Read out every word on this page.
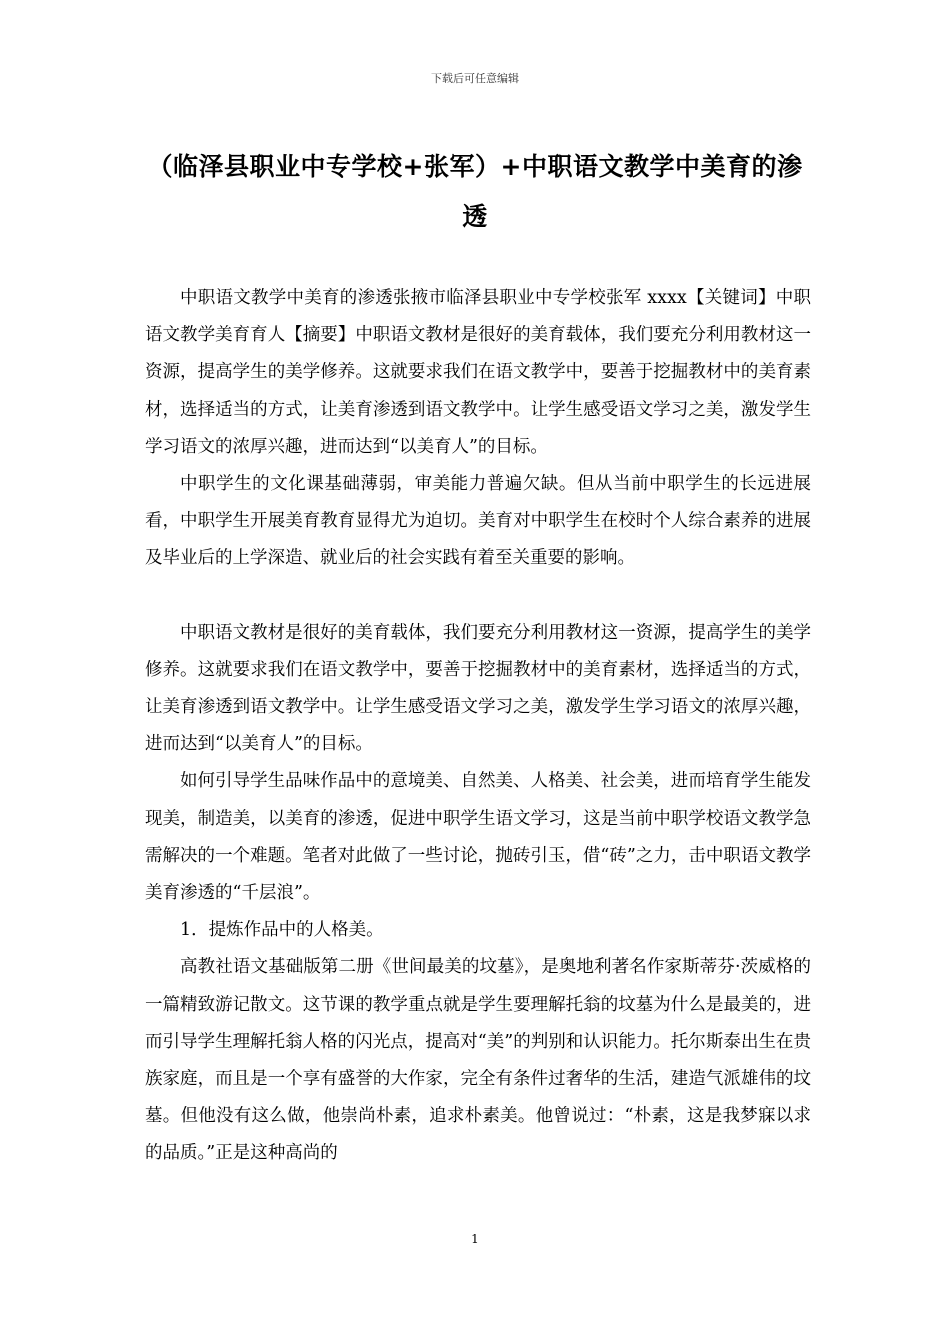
下载后可任意编辑
（临泽县职业中专学校+张军）+中职语文教学中美育的渗透

中职语文教学中美育的渗透张掖市临泽县职业中专学校张军 xxxx【关键词】中职语文教学美育育人【摘要】中职语文教材是很好的美育载体，我们要充分利用教材这一资源，提高学生的美学修养。这就要求我们在语文教学中，要善于挖掘教材中的美育素材，选择适当的方式，让美育渗透到语文教学中。让学生感受语文学习之美，激发学生学习语文的浓厚兴趣，进而达到“以美育人”的目标。

中职学生的文化课基础薄弱，审美能力普遍欠缺。但从当前中职学生的长远进展看，中职学生开展美育教育显得尤为迫切。美育对中职学生在校时个人综合素养的进展及毕业后的上学深造、就业后的社会实践有着至关重要的影响。

中职语文教材是很好的美育载体，我们要充分利用教材这一资源，提高学生的美学修养。这就要求我们在语文教学中，要善于挖掘教材中的美育素材，选择适当的方式，让美育渗透到语文教学中。让学生感受语文学习之美，激发学生学习语文的浓厚兴趣，进而达到“以美育人”的目标。

如何引导学生品味作品中的意境美、自然美、人格美、社会美，进而培育学生能发现美，制造美，以美育的渗透，促进中职学生语文学习，这是当前中职学校语文教学急需解决的一个难题。笔者对此做了一些讨论，抛砖引玉，借“砖”之力，击中职语文教学美育渗透的“千层浪”。

1．提炼作品中的人格美。

高教社语文基础版第二册《世间最美的坟墓》，是奥地利著名作家斯蒂芬·茨威格的一篇精致游记散文。这节课的教学重点就是学生要理解托翁的坟墓为什么是最美的，进而引导学生理解托翁人格的闪光点，提高对“美”的判别和认识能力。托尔斯泰出生在贵族家庭，而且是一个享有盛誉的大作家，完全有条件过奢华的生活，建造气派雄伟的坟墓。但他没有这么做，他崇尚朴素，追求朴素美。他曾说过：“朴素，这是我梦寐以求的品质。”正是这种高尚的

1
